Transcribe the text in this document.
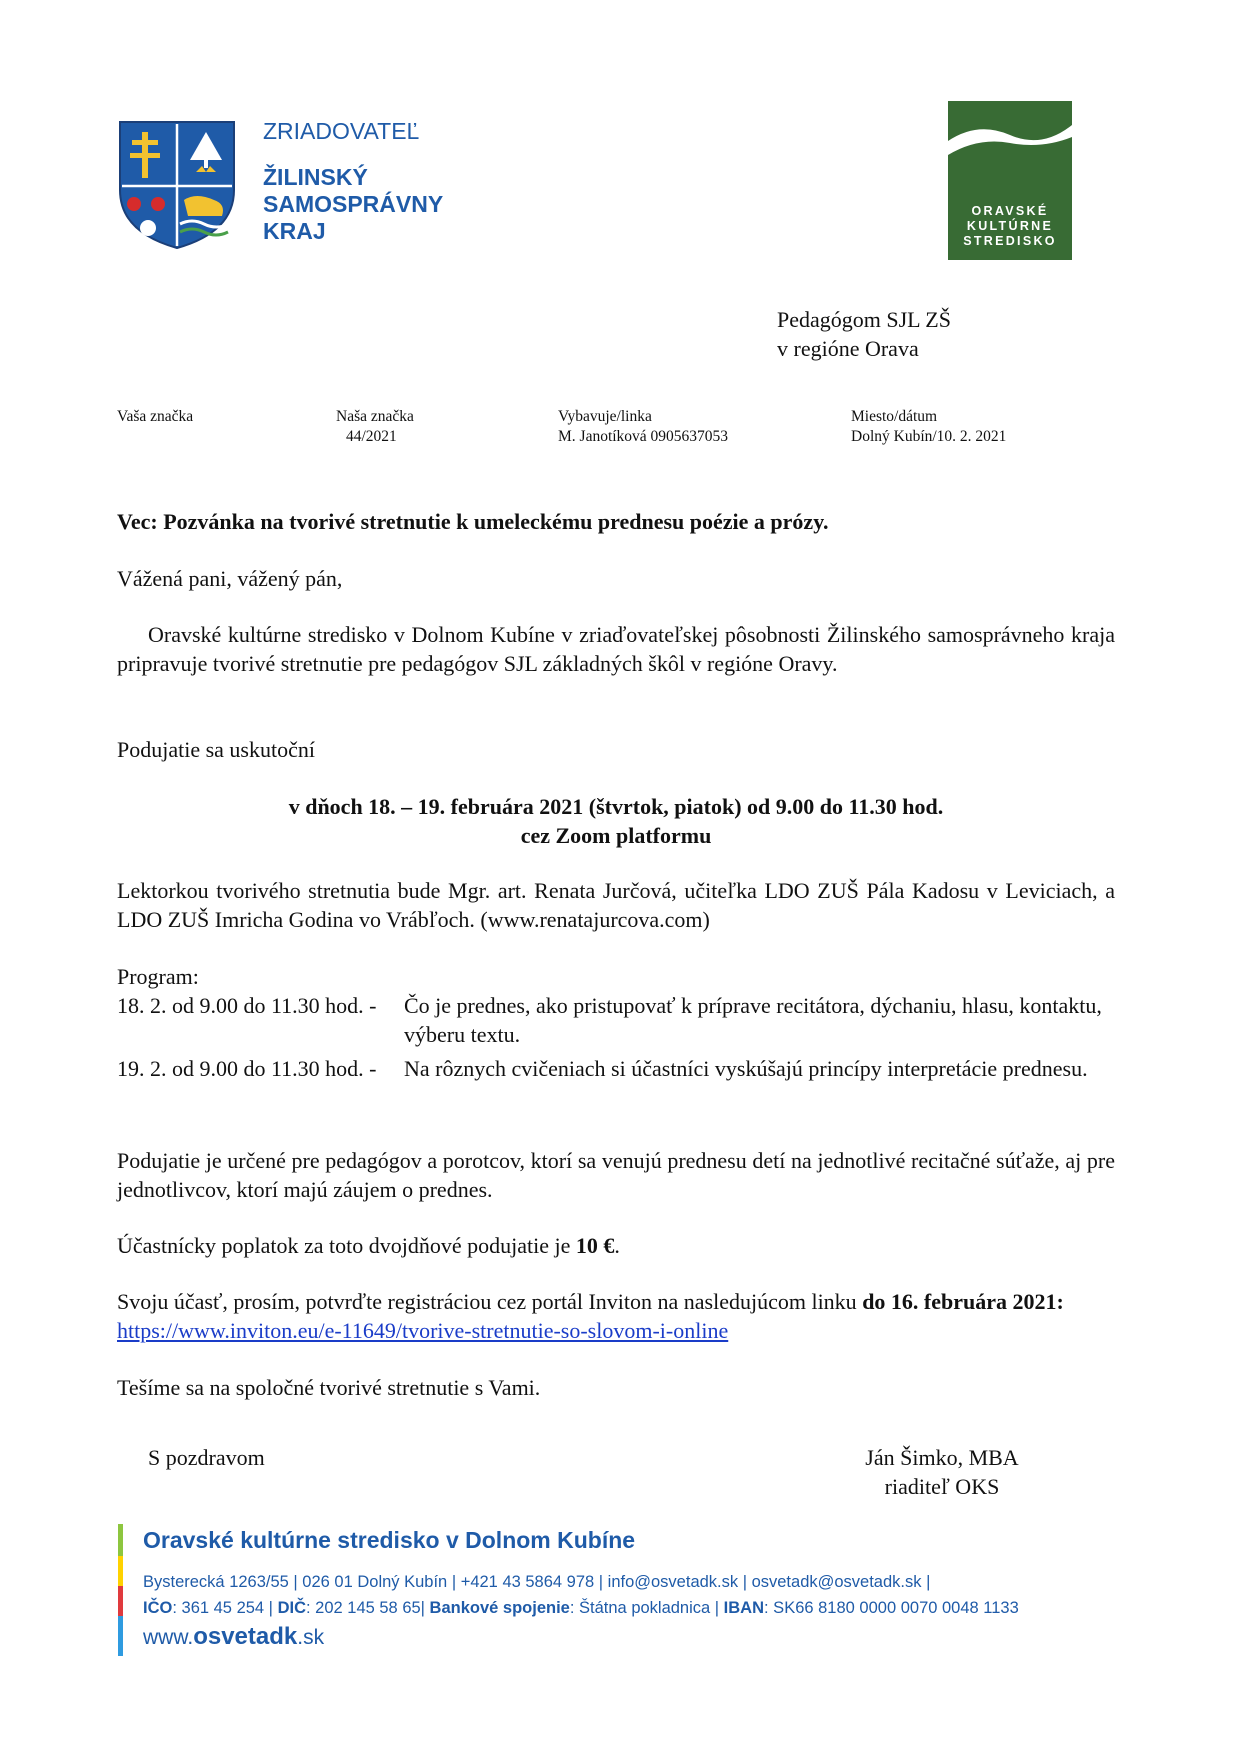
ZRIADOVATEĽ
ŽILINSKÝ
SAMOSPRÁVNY
KRAJ
ORAVSKÉ
KULTÚRNE
STREDISKO
Pedagógom SJL ZŠ
v regióne Orava
Vaša značka	Naša značka
44/2021
Vybavuje/linka
M. Janotíková 0905637053
Miesto/dátum
Dolný Kubín/10. 2. 2021
Vec: Pozvánka na tvorivé stretnutie k umeleckému prednesu poézie a prózy.
Vážená pani, vážený pán,
Oravské kultúrne stredisko v Dolnom Kubíne v zriaďovateľskej pôsobnosti Žilinského samosprávneho kraja pripravuje tvorivé stretnutie pre pedagógov SJL základných škôl v regióne Oravy.
Podujatie sa uskutoční
v dňoch 18. – 19. februára 2021 (štvrtok, piatok) od 9.00 do 11.30 hod.
cez Zoom platformu
Lektorkou tvorivého stretnutia bude Mgr. art. Renata Jurčová, učiteľka LDO ZUŠ Pála Kadosu v Leviciach, a LDO ZUŠ Imricha Godina vo Vrábľoch. (www.renatajurcova.com)
Program:
18. 2. od 9.00 do 11.30 hod. - Čo je prednes, ako pristupovať k príprave recitátora, dýchaniu, hlasu, kontaktu, výberu textu.
19. 2. od 9.00 do 11.30 hod. - Na rôznych cvičeniach si účastníci vyskúšajú princípy interpretácie prednesu.
Podujatie je určené pre pedagógov a porotcov, ktorí sa venujú prednesu detí na jednotlivé recitačné súťaže, aj pre jednotlivcov, ktorí majú záujem o prednes.
Účastnícky poplatok za toto dvojdňové podujatie je 10 €.
Svoju účasť, prosím, potvrďte registráciou cez portál Inviton na nasledujúcom linku do 16. februára 2021: https://www.inviton.eu/e-11649/tvorive-stretnutie-so-slovom-i-online
Tešíme sa na spoločné tvorivé stretnutie s Vami.
S pozdravom	Ján Šimko, MBA
riaditeľ OKS
Oravské kultúrne stredisko v Dolnom Kubíne
Bysterecká 1263/55 | 026 01 Dolný Kubín | +421 43 5864 978 | info@osvetadk.sk | osvetadk@osvetadk.sk |
IČO: 361 45 254 | DIČ: 202 145 58 65| Bankové spojenie: Štátna pokladnica | IBAN: SK66 8180 0000 0070 0048 1133
www.osvetadk.sk
